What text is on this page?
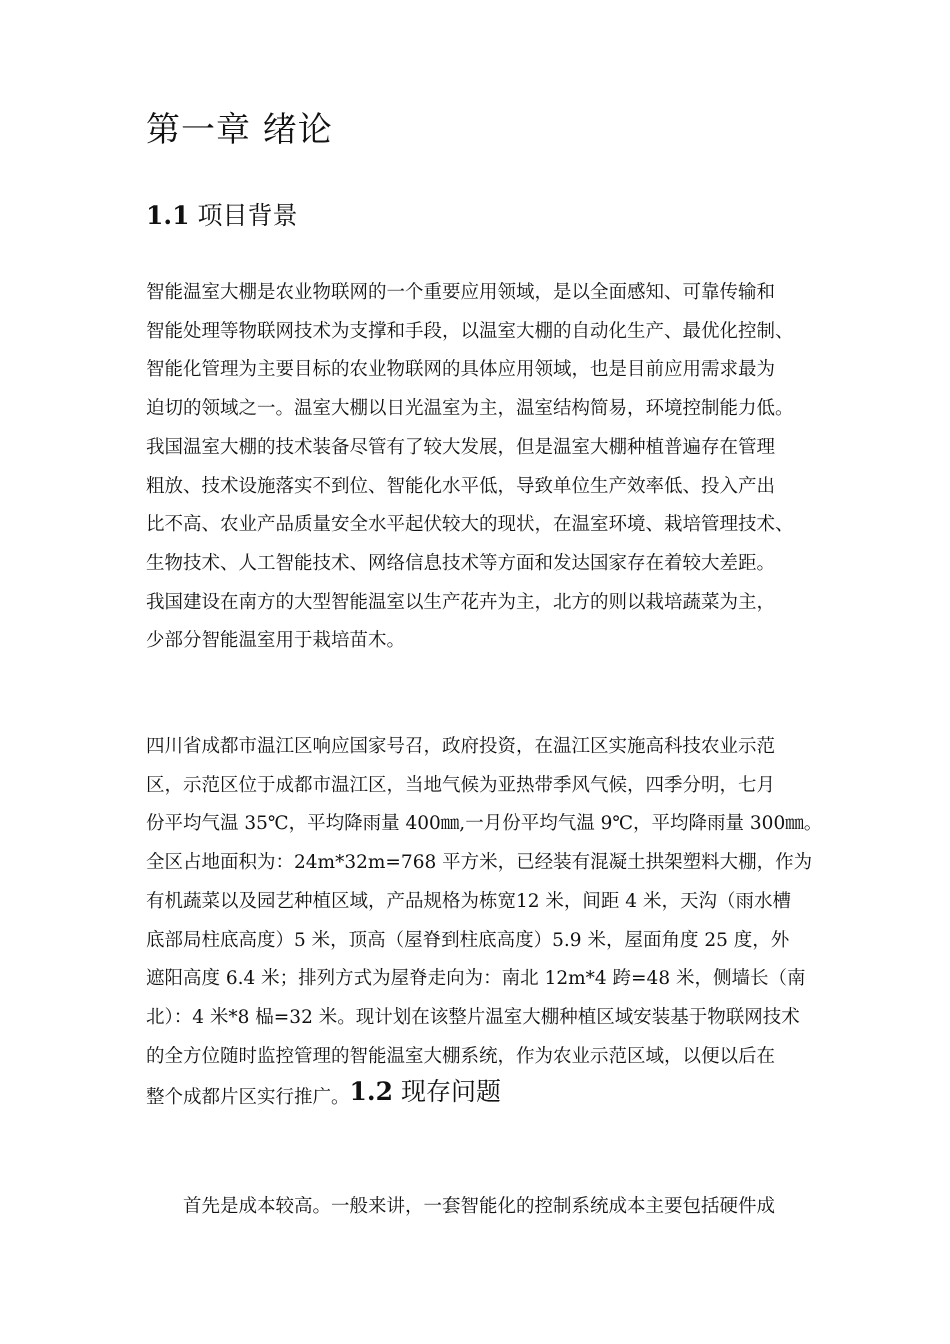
第一章 绪论
1.1 项目背景
智能温室大棚是农业物联网的一个重要应用领域，是以全面感知、可靠传输和
智能处理等物联网技术为支撑和手段，以温室大棚的自动化生产、最优化控制、
智能化管理为主要目标的农业物联网的具体应用领域，也是目前应用需求最为
迫切的领域之一。温室大棚以日光温室为主，温室结构简易，环境控制能力低。
我国温室大棚的技术装备尽管有了较大发展，但是温室大棚种植普遍存在管理
粗放、技术设施落实不到位、智能化水平低，导致单位生产效率低、投入产出
比不高、农业产品质量安全水平起伏较大的现状，在温室环境、栽培管理技术、
生物技术、人工智能技术、网络信息技术等方面和发达国家存在着较大差距。
我国建设在南方的大型智能温室以生产花卉为主，北方的则以栽培蔬菜为主，
少部分智能温室用于栽培苗木。
四川省成都市温江区响应国家号召，政府投资，在温江区实施高科技农业示范
区，示范区位于成都市温江区，当地气候为亚热带季风气候，四季分明，七月
份平均气温 35℃，平均降雨量 400㎜,一月份平均气温 9℃，平均降雨量 300㎜。
全区占地面积为：24m*32m=768 平方米，已经装有混凝土拱架塑料大棚，作为
有机蔬菜以及园艺种植区域，产品规格为栋宽12 米，间距 4 米，天沟（雨水槽
底部局柱底高度）5 米，顶高（屋脊到柱底高度）5.9 米，屋面角度 25 度，外
遮阳高度 6.4 米；排列方式为屋脊走向为：南北 12m*4 跨=48 米，侧墙长（南
北）：4 米*8 榀=32 米。现计划在该整片温室大棚种植区域安装基于物联网技术
的全方位随时监控管理的智能温室大棚系统，作为农业示范区域，以便以后在
整个成都片区实行推广。1.2 现存问题
首先是成本较高。一般来讲，一套智能化的控制系统成本主要包括硬件成
